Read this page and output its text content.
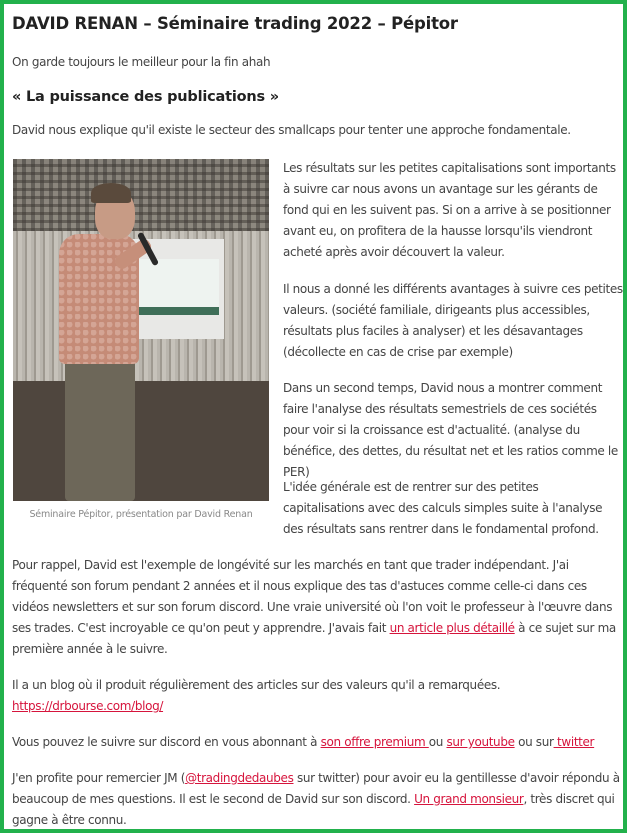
DAVID RENAN – Séminaire trading 2022 – Pépitor
On garde toujours le meilleur pour la fin ahah
« La puissance des publications »
David nous explique qu'il existe le secteur des smallcaps pour tenter une approche fondamentale.
Séminaire Pépitor, présentation par David Renan
Les résultats sur les petites capitalisations sont importants à suivre car nous avons un avantage sur les gérants de fond qui en les suivent pas. Si on a arrive à se positionner avant eu, on profitera de la hausse lorsqu'ils viendront acheté après avoir découvert la valeur.
Il nous a donné les différents avantages à suivre ces petites valeurs. (société familiale, dirigeants plus accessibles, résultats plus faciles à analyser) et les désavantages (décollecte en cas de crise par exemple)
Dans un second temps, David nous a montrer comment faire l'analyse des résultats semestriels de ces sociétés pour voir si la croissance est d'actualité. (analyse du bénéfice, des dettes, du résultat net et les ratios comme le PER)
L'idée générale est de rentrer sur des petites capitalisations avec des calculs simples suite à l'analyse des résultats sans rentrer dans le fondamental profond.
Pour rappel, David est l'exemple de longévité sur les marchés en tant que trader indépendant. J'ai fréquenté son forum pendant 2 années et il nous explique des tas d'astuces comme celle-ci dans ces vidéos newsletters et sur son forum discord. Une vraie université où l'on voit le professeur à l'œuvre dans ses trades. C'est incroyable ce qu'on peut y apprendre. J'avais fait un article plus détaillé à ce sujet sur ma première année à le suivre.
Il a un blog où il produit régulièrement des articles sur des valeurs qu'il a remarquées.
https://drbourse.com/blog/
Vous pouvez le suivre sur discord en vous abonnant à son offre premium ou sur youtube ou sur twitter
J'en profite pour remercier JM (@tradingdedaubes sur twitter) pour avoir eu la gentillesse d'avoir répondu à beaucoup de mes questions. Il est le second de David sur son discord. Un grand monsieur, très discret qui gagne à être connu.
